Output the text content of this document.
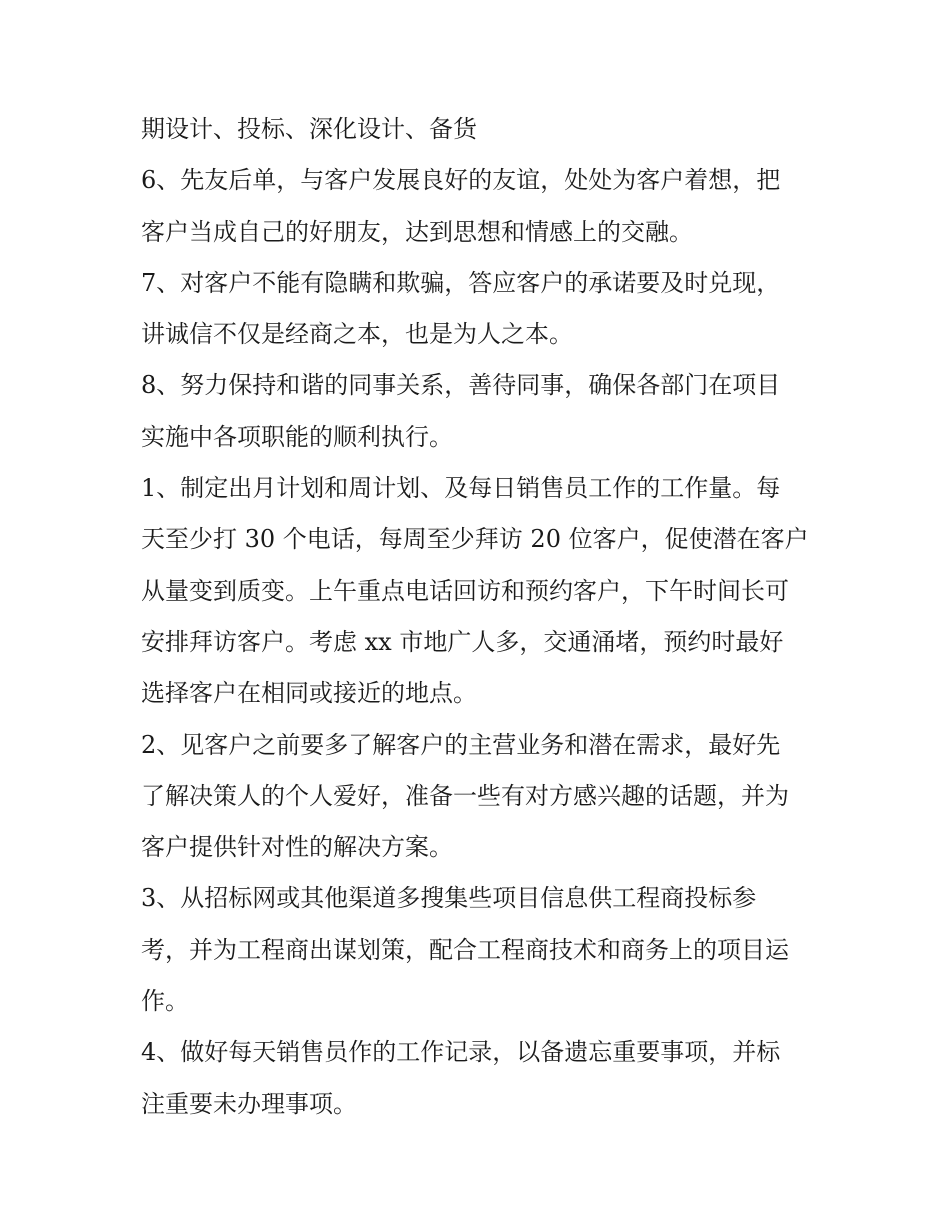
期设计、投标、深化设计、备货
6、先友后单，与客户发展良好的友谊，处处为客户着想，把
客户当成自己的好朋友，达到思想和情感上的交融。
7、对客户不能有隐瞒和欺骗，答应客户的承诺要及时兑现，
讲诚信不仅是经商之本，也是为人之本。
8、努力保持和谐的同事关系，善待同事，确保各部门在项目
实施中各项职能的顺利执行。
1、制定出月计划和周计划、及每日销售员工作的工作量。每
天至少打 30 个电话，每周至少拜访 20 位客户，促使潜在客户
从量变到质变。上午重点电话回访和预约客户，下午时间长可
安排拜访客户。考虑 xx 市地广人多，交通涌堵，预约时最好
选择客户在相同或接近的地点。
2、见客户之前要多了解客户的主营业务和潜在需求，最好先
了解决策人的个人爱好，准备一些有对方感兴趣的话题，并为
客户提供针对性的解决方案。
3、从招标网或其他渠道多搜集些项目信息供工程商投标参
考，并为工程商出谋划策，配合工程商技术和商务上的项目运
作。
4、做好每天销售员作的工作记录，以备遗忘重要事项，并标
注重要未办理事项。
